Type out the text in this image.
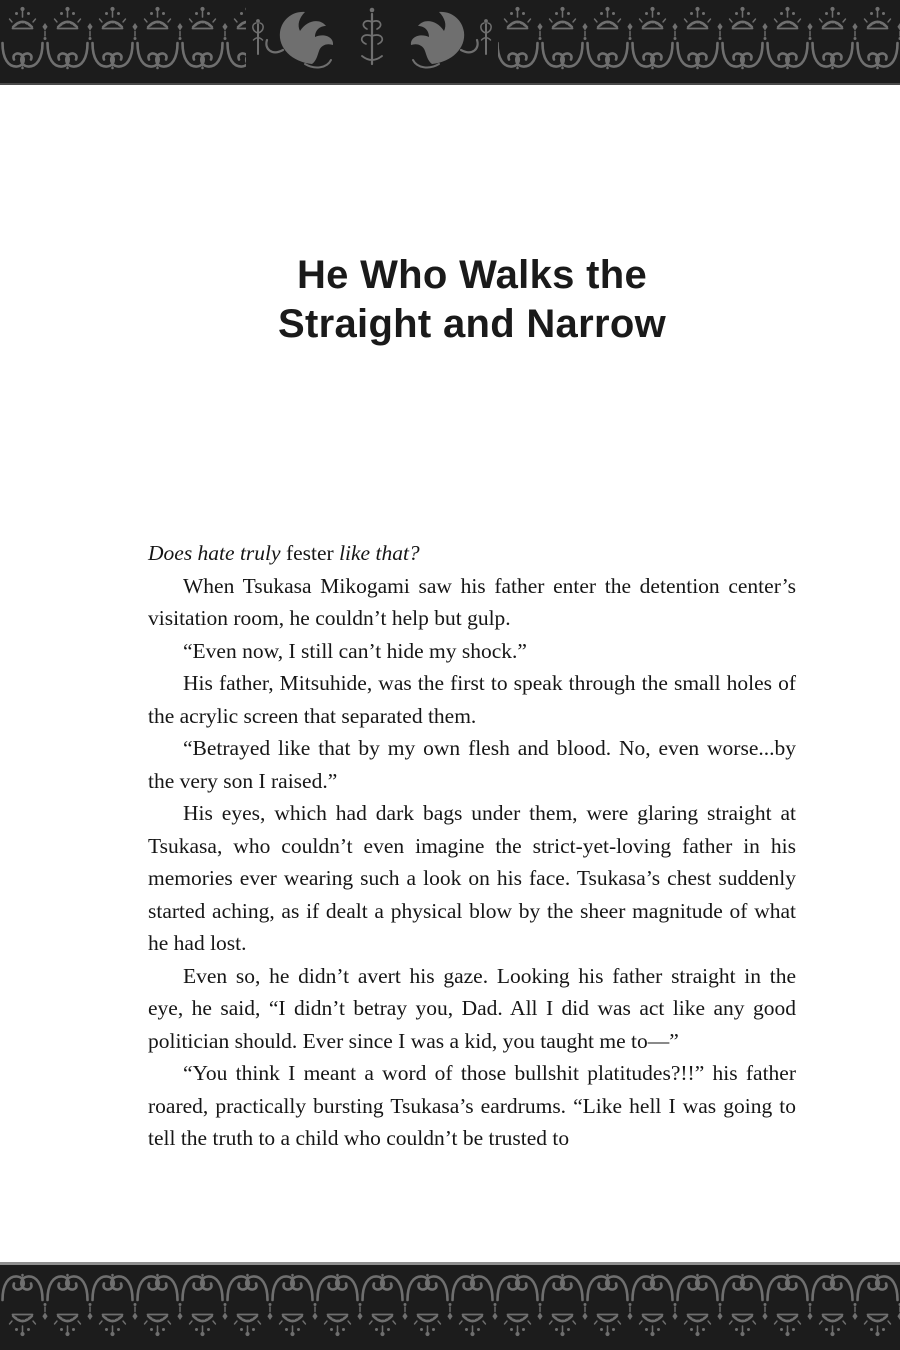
He Who Walks the
Straight and Narrow

Does hate truly fester like that?

When Tsukasa Mikogami saw his father enter the detention center’s visitation room, he couldn’t help but gulp.

“Even now, I still can’t hide my shock.”

His father, Mitsuhide, was the first to speak through the small holes of the acrylic screen that separated them.

“Betrayed like that by my own flesh and blood. No, even worse...by the very son I raised.”

His eyes, which had dark bags under them, were glaring straight at Tsukasa, who couldn’t even imagine the strict-yet-loving father in his memories ever wearing such a look on his face. Tsukasa’s chest suddenly started aching, as if dealt a physical blow by the sheer magnitude of what he had lost.

Even so, he didn’t avert his gaze. Looking his father straight in the eye, he said, “I didn’t betray you, Dad. All I did was act like any good politician should. Ever since I was a kid, you taught me to—”

“You think I meant a word of those bullshit platitudes?!!” his father roared, practically bursting Tsukasa’s eardrums. “Like hell I was going to tell the truth to a child who couldn’t be trusted to
